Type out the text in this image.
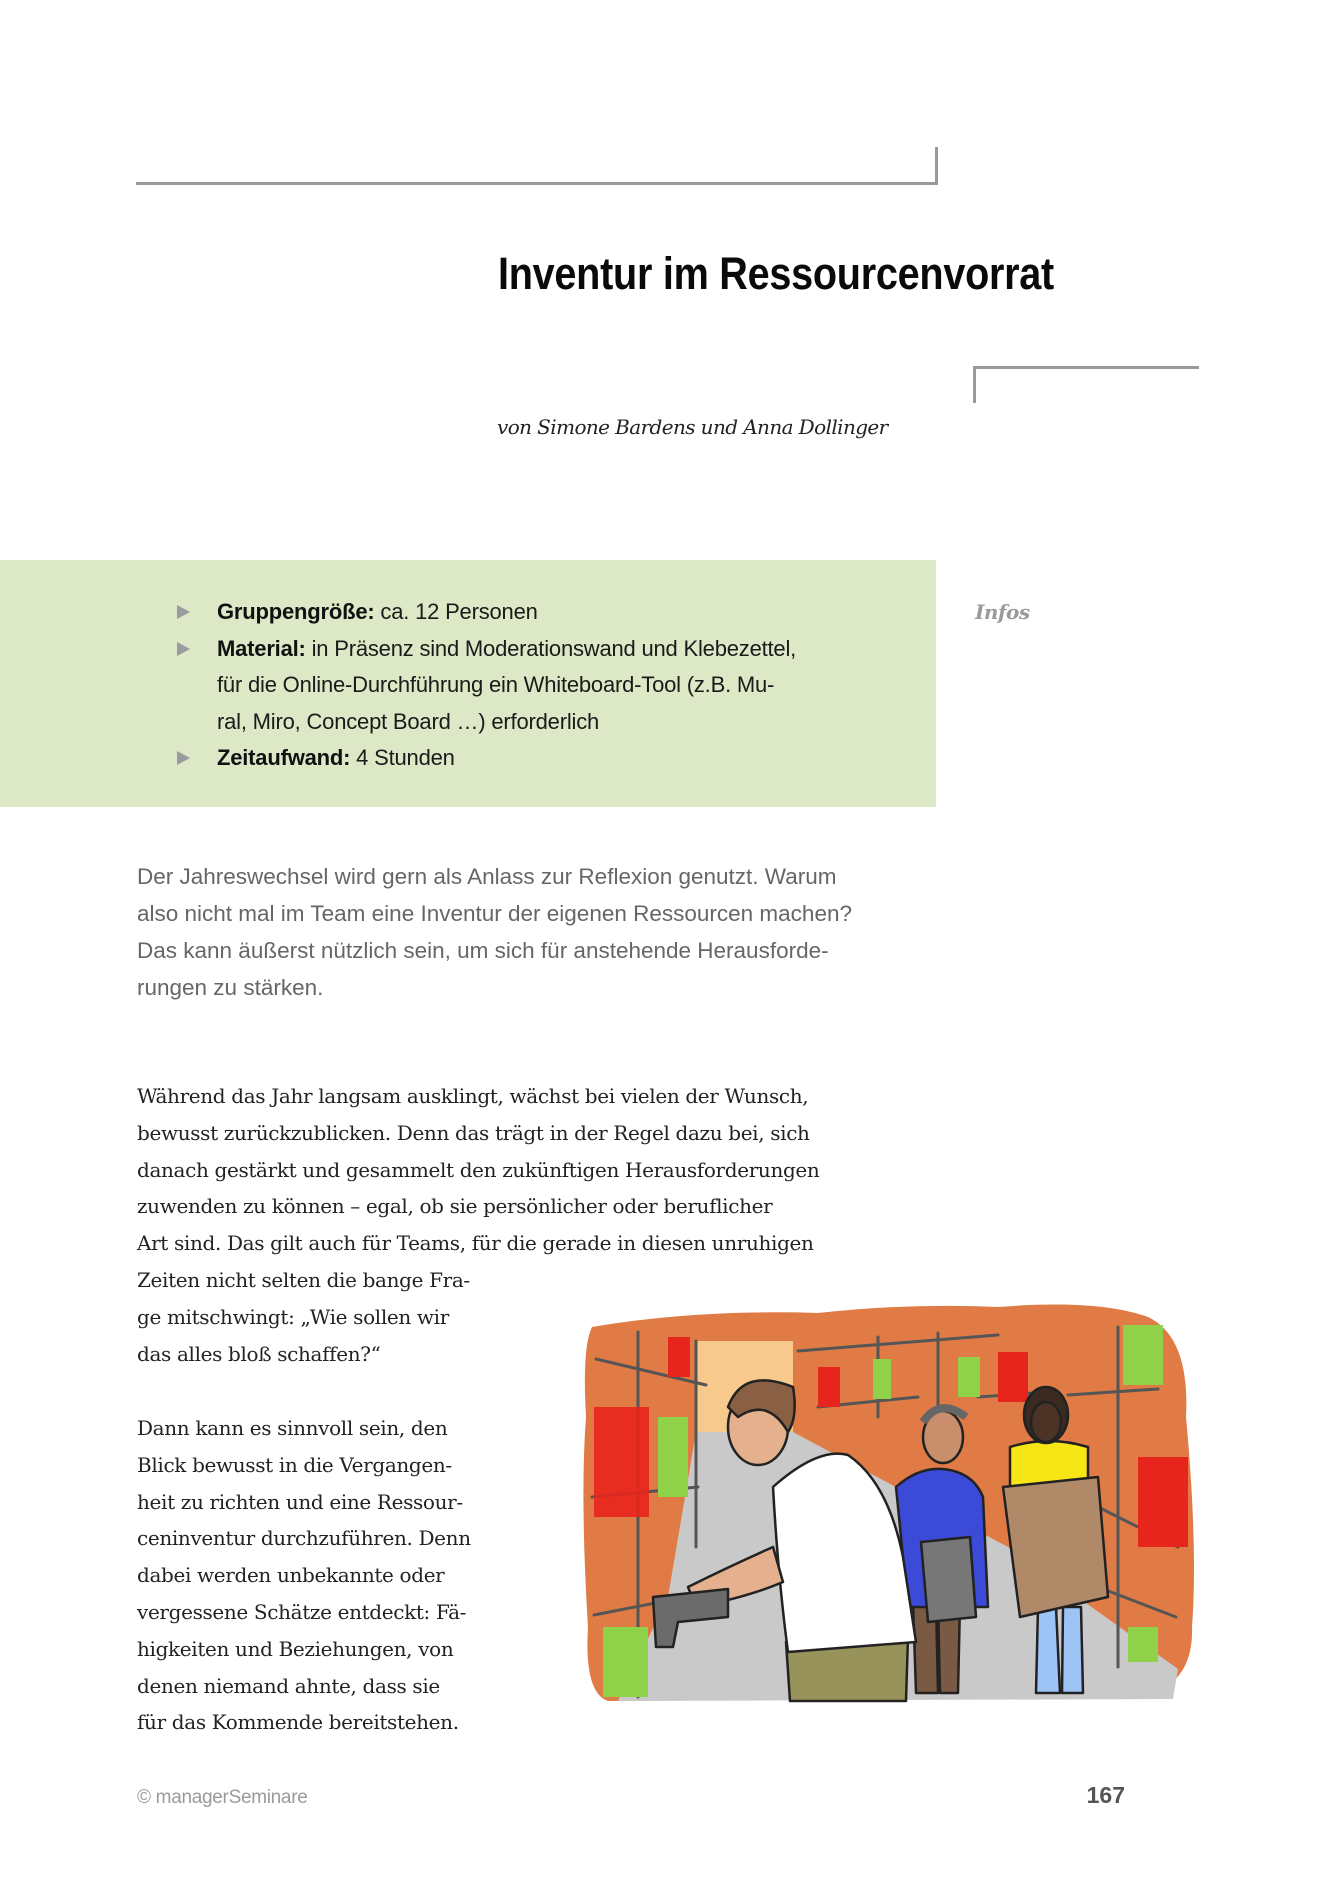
Inventur im Ressourcenvorrat
von Simone Bardens und Anna Dollinger
Gruppengröße: ca. 12 Personen
Material: in Präsenz sind Moderationswand und Klebezettel,
für die Online-Durchführung ein Whiteboard-Tool (z.B. Mu-
ral, Miro, Concept Board …) erforderlich
Zeitaufwand: 4 Stunden
Infos
Der Jahreswechsel wird gern als Anlass zur Reflexion genutzt. Warum
also nicht mal im Team eine Inventur der eigenen Ressourcen machen?
Das kann äußerst nützlich sein, um sich für anstehende Herausforde-
rungen zu stärken.
Während das Jahr langsam ausklingt, wächst bei vielen der Wunsch,
bewusst zurückzublicken. Denn das trägt in der Regel dazu bei, sich
danach gestärkt und gesammelt den zukünftigen Herausforderungen
zuwenden zu können – egal, ob sie persönlicher oder beruflicher
Art sind. Das gilt auch für Teams, für die gerade in diesen unruhigen
Zeiten nicht selten die bange Fra-
ge mitschwingt: „Wie sollen wir
das alles bloß schaffen?“
Dann kann es sinnvoll sein, den
Blick bewusst in die Vergangen-
heit zu richten und eine Ressour-
ceninventur durchzuführen. Denn
dabei werden unbekannte oder
vergessene Schätze entdeckt: Fä-
higkeiten und Beziehungen, von
denen niemand ahnte, dass sie
für das Kommende bereitstehen.
© managerSeminare	167
